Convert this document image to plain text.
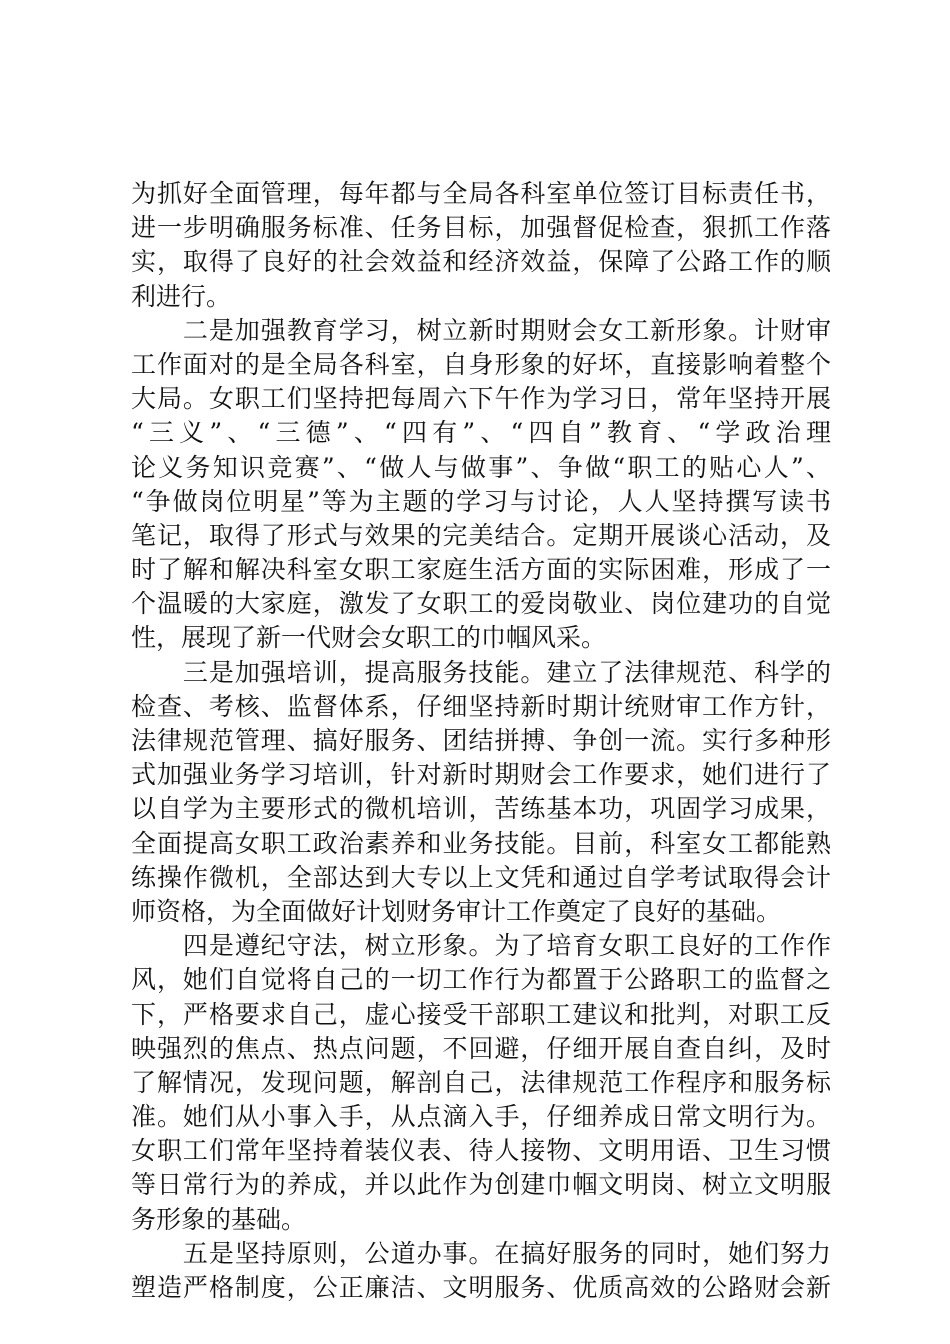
为抓好全面管理，每年都与全局各科室单位签订目标责任书，
进一步明确服务标准、任务目标，加强督促检查，狠抓工作落
实，取得了良好的社会效益和经济效益，保障了公路工作的顺
利进行。
　　二是加强教育学习，树立新时期财会女工新形象。计财审
工作面对的是全局各科室，自身形象的好坏，直接影响着整个
大局。女职工们坚持把每周六下午作为学习日，常年坚持开展
“三义”、“三德”、“四有”、“四自”教育、“学政治理
论义务知识竞赛”、“做人与做事”、争做“职工的贴心人”、
“争做岗位明星”等为主题的学习与讨论，人人坚持撰写读书
笔记，取得了形式与效果的完美结合。定期开展谈心活动，及
时了解和解决科室女职工家庭生活方面的实际困难，形成了一
个温暖的大家庭，激发了女职工的爱岗敬业、岗位建功的自觉
性，展现了新一代财会女职工的巾帼风采。
　　三是加强培训，提高服务技能。建立了法律规范、科学的
检查、考核、监督体系，仔细坚持新时期计统财审工作方针，
法律规范管理、搞好服务、团结拼搏、争创一流。实行多种形
式加强业务学习培训，针对新时期财会工作要求，她们进行了
以自学为主要形式的微机培训，苦练基本功，巩固学习成果，
全面提高女职工政治素养和业务技能。目前，科室女工都能熟
练操作微机，全部达到大专以上文凭和通过自学考试取得会计
师资格，为全面做好计划财务审计工作奠定了良好的基础。
　　四是遵纪守法，树立形象。为了培育女职工良好的工作作
风，她们自觉将自己的一切工作行为都置于公路职工的监督之
下，严格要求自己，虚心接受干部职工建议和批判，对职工反
映强烈的焦点、热点问题，不回避，仔细开展自查自纠，及时
了解情况，发现问题，解剖自己，法律规范工作程序和服务标
准。她们从小事入手，从点滴入手，仔细养成日常文明行为。
女职工们常年坚持着装仪表、待人接物、文明用语、卫生习惯
等日常行为的养成，并以此作为创建巾帼文明岗、树立文明服
务形象的基础。
　　五是坚持原则，公道办事。在搞好服务的同时，她们努力
塑造严格制度，公正廉洁、文明服务、优质高效的公路财会新
